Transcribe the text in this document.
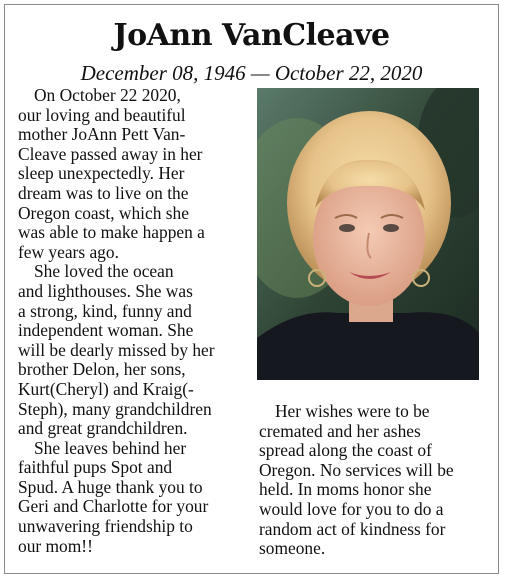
JoAnn VanCleave
December 08, 1946 — October 22, 2020

On October 22 2020,
our loving and beautiful
mother JoAnn Pett Van-
Cleave passed away in her
sleep unexpectedly. Her
dream was to live on the
Oregon coast, which she
was able to make happen a
few years ago.

She loved the ocean
and lighthouses. She was
a strong, kind, funny and
independent woman. She
will be dearly missed by her
brother Delon, her sons,
Kurt(Cheryl) and Kraig(-
Steph), many grandchildren
and great grandchildren.

She leaves behind her
faithful pups Spot and
Spud. A huge thank you to
Geri and Charlotte for your
unwavering friendship to
our mom!!

Her wishes were to be
cremated and her ashes
spread along the coast of
Oregon. No services will be
held. In moms honor she
would love for you to do a
random act of kindness for
someone.
